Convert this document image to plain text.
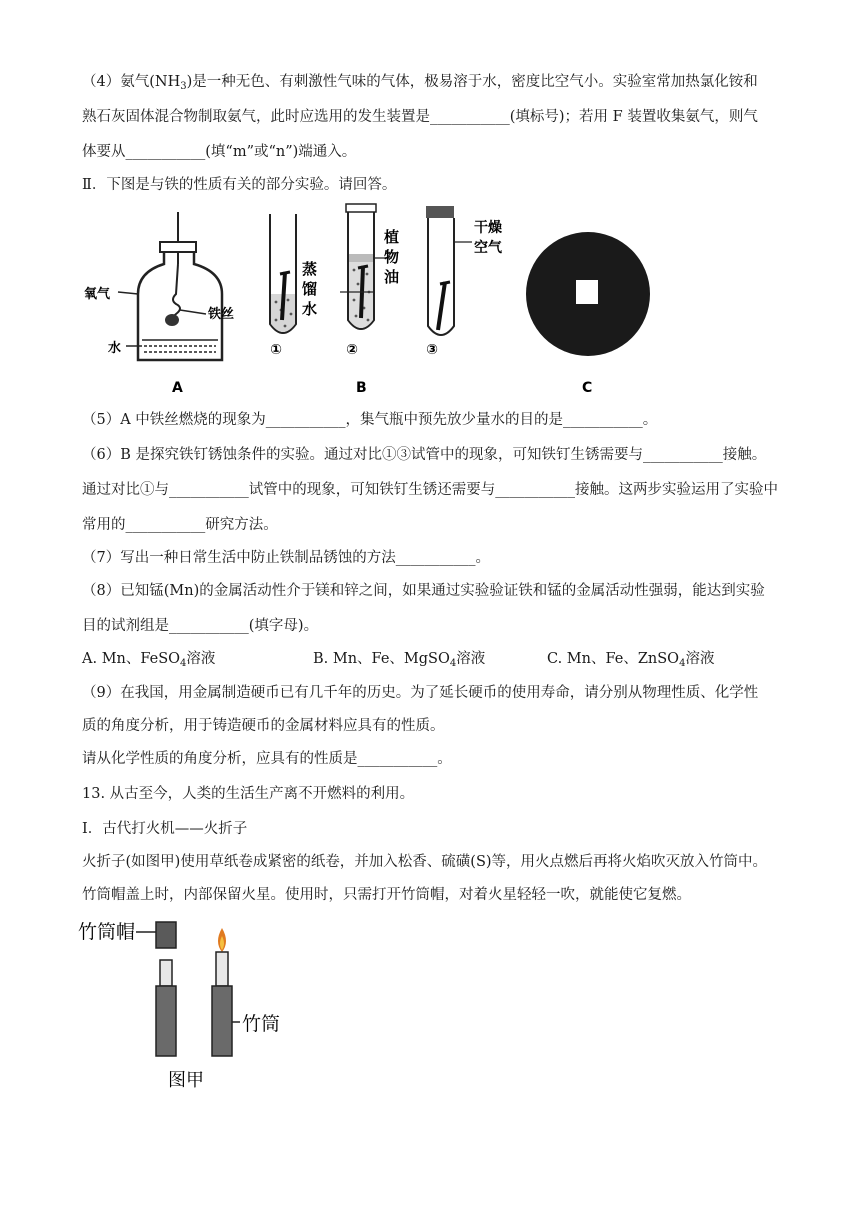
（4）氨气$(NH_3)$是一种无色、有刺激性气味的气体，极易溶于水，密度比空气小。实验室常加热氯化铵和
熟石灰固体混合物制取氨气，此时应选用的发生装置是___________(填标号)；若用 F 装置收集氨气，则气
体要从___________(填“m”或“n”)端通入。
Ⅱ．下图是与铁的性质有关的部分实验。请回答。
氧气
铁丝
水
A
①	②
蒸
馏
水
植
物
油
③
干燥
空气
B	C
（5）A 中铁丝燃烧的现象为___________，集气瓶中预先放少量水的目的是___________。
（6）B 是探究铁钉锈蚀条件的实验。通过对比①③试管中的现象，可知铁钉生锈需要与___________接触。
通过对比①与___________试管中的现象，可知铁钉生锈还需要与___________接触。这两步实验运用了实验中
常用的___________研究方法。
（7）写出一种日常生活中防止铁制品锈蚀的方法___________。
（8）已知锰(Mn)的金属活动性介于镁和锌之间，如果通过实验验证铁和锰的金属活动性强弱，能达到实验
目的试剂组是___________(填字母)。
A. Mn、FeSO$_4$溶液	B. Mn、Fe、MgSO$_4$溶液	C. Mn、Fe、ZnSO$_4$溶液
（9）在我国，用金属制造硬币已有几千年的历史。为了延长硬币的使用寿命，请分别从物理性质、化学性
质的角度分析，用于铸造硬币的金属材料应具有的性质。
请从化学性质的角度分析，应具有的性质是___________。
13. 从古至今，人类的生活生产离不开燃料的利用。
I．古代打火机——火折子
火折子(如图甲)使用草纸卷成紧密的纸卷，并加入松香、硫磺(S)等，用火点燃后再将火焰吹灭放入竹筒中。
竹筒帽盖上时，内部保留火星。使用时，只需打开竹筒帽，对着火星轻轻一吹，就能使它复燃。
竹筒帽
竹筒
图甲
